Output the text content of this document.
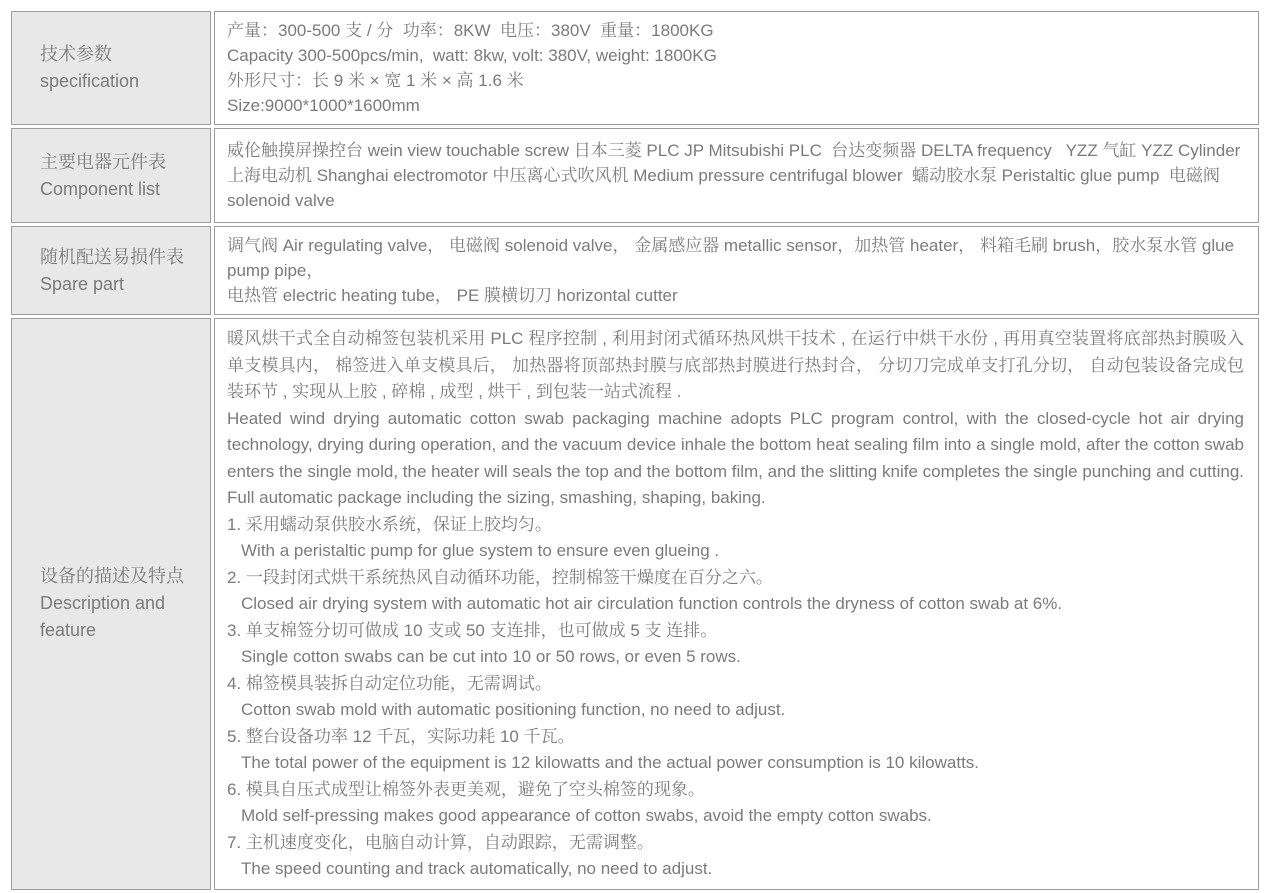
技术参数
specification

产量：300-500 支 / 分  功率：8KW  电压：380V  重量：1800KG
Capacity 300-500pcs/min,  watt: 8kw, volt: 380V, weight: 1800KG
外形尺寸：长 9 米 × 宽 1 米 × 高 1.6 米
Size:9000*1000*1600mm

主要电器元件表
Component list	威伦触摸屏操控台 wein view touchable screw 日本三菱 PLC JP Mitsubishi PLC  台达变频器 DELTA frequency   YZZ 气缸 YZZ Cylinder 上海电动机 Shanghai electromotor 中压离心式吹风机 Medium pressure centrifugal blower  蠕动胶水泵 Peristaltic glue pump  电磁阀 solenoid valve

随机配送易损件表
Spare part

调气阀 Air regulating valve， 电磁阀 solenoid valve， 金属感应器 metallic sensor，加热管 heater， 料箱毛刷 brush，胶水泵水管 glue pump pipe，
电热管 electric heating tube， PE 膜横切刀 horizontal cutter

设备的描述及特点
Description and feature

暖风烘干式全自动棉签包装机采用 PLC 程序控制 , 利用封闭式循环热风烘干技术 , 在运行中烘干水份 , 再用真空装置将底部热封膜吸入单支模具内， 棉签进入单支模具后， 加热器将顶部热封膜与底部热封膜进行热封合， 分切刀完成单支打孔分切， 自动包装设备完成包装环节 , 实现从上胶 , 碎棉 , 成型 , 烘干 , 到包装一站式流程 .

Heated wind drying automatic cotton swab packaging machine adopts PLC program control, with the closed-cycle hot air drying technology, drying during operation, and the vacuum device inhale the bottom heat sealing film into a single mold, after the cotton swab enters the single mold, the heater will seals the top and the bottom film, and the slitting knife completes the single punching and cutting. Full automatic package including the sizing, smashing, shaping, baking.

1. 采用蠕动泵供胶水系统，保证上胶均匀。
With a peristaltic pump for glue system to ensure even glueing .
2. 一段封闭式烘干系统热风自动循环功能，控制棉签干燥度在百分之六。
Closed air drying system with automatic hot air circulation function controls the dryness of cotton swab at 6%.
3. 单支棉签分切可做成 10 支或 50 支连排，也可做成 5 支 连排。
Single cotton swabs can be cut into 10 or 50 rows, or even 5 rows.
4. 棉签模具装拆自动定位功能，无需调试。
Cotton swab mold with automatic positioning function, no need to adjust.
5. 整台设备功率 12 千瓦，实际功耗 10 千瓦。
The total power of the equipment is 12 kilowatts and the actual power consumption is 10 kilowatts.
6. 模具自压式成型让棉签外表更美观，避免了空头棉签的现象。
Mold self-pressing makes good appearance of cotton swabs, avoid the empty cotton swabs.
7. 主机速度变化，电脑自动计算，自动跟踪，无需调整。
The speed counting and track automatically, no need to adjust.
